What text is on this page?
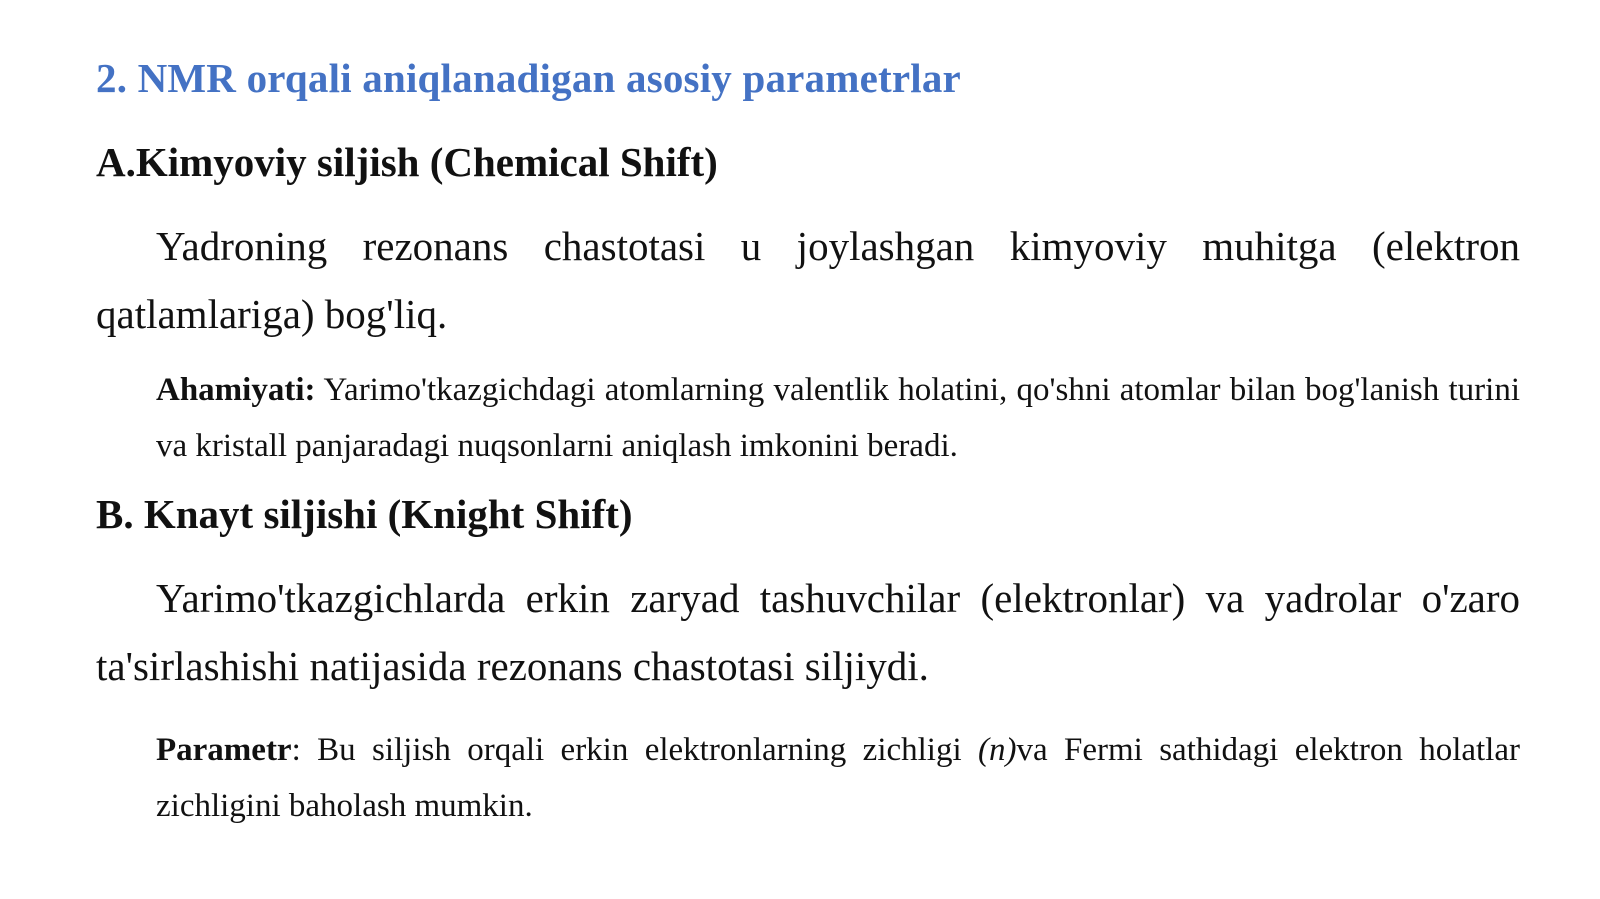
2. NMR orqali aniqlanadigan asosiy parametrlar
A.Kimyoviy siljish (Chemical Shift)

Yadroning rezonans chastotasi u joylashgan kimyoviy muhitga (elektron qatlamlariga) bog'liq.

Ahamiyati: Yarimo'tkazgichdagi atomlarning valentlik holatini, qo'shni atomlar bilan bog'lanish turini va kristall panjaradagi nuqsonlarni aniqlash imkonini beradi.

B. Knayt siljishi (Knight Shift)

Yarimo'tkazgichlarda erkin zaryad tashuvchilar (elektronlar) va yadrolar o'zaro ta'sirlashishi natijasida rezonans chastotasi siljiydi.

Parametr: Bu siljish orqali erkin elektronlarning zichligi (n)va Fermi sathidagi elektron holatlar zichligini baholash mumkin.
